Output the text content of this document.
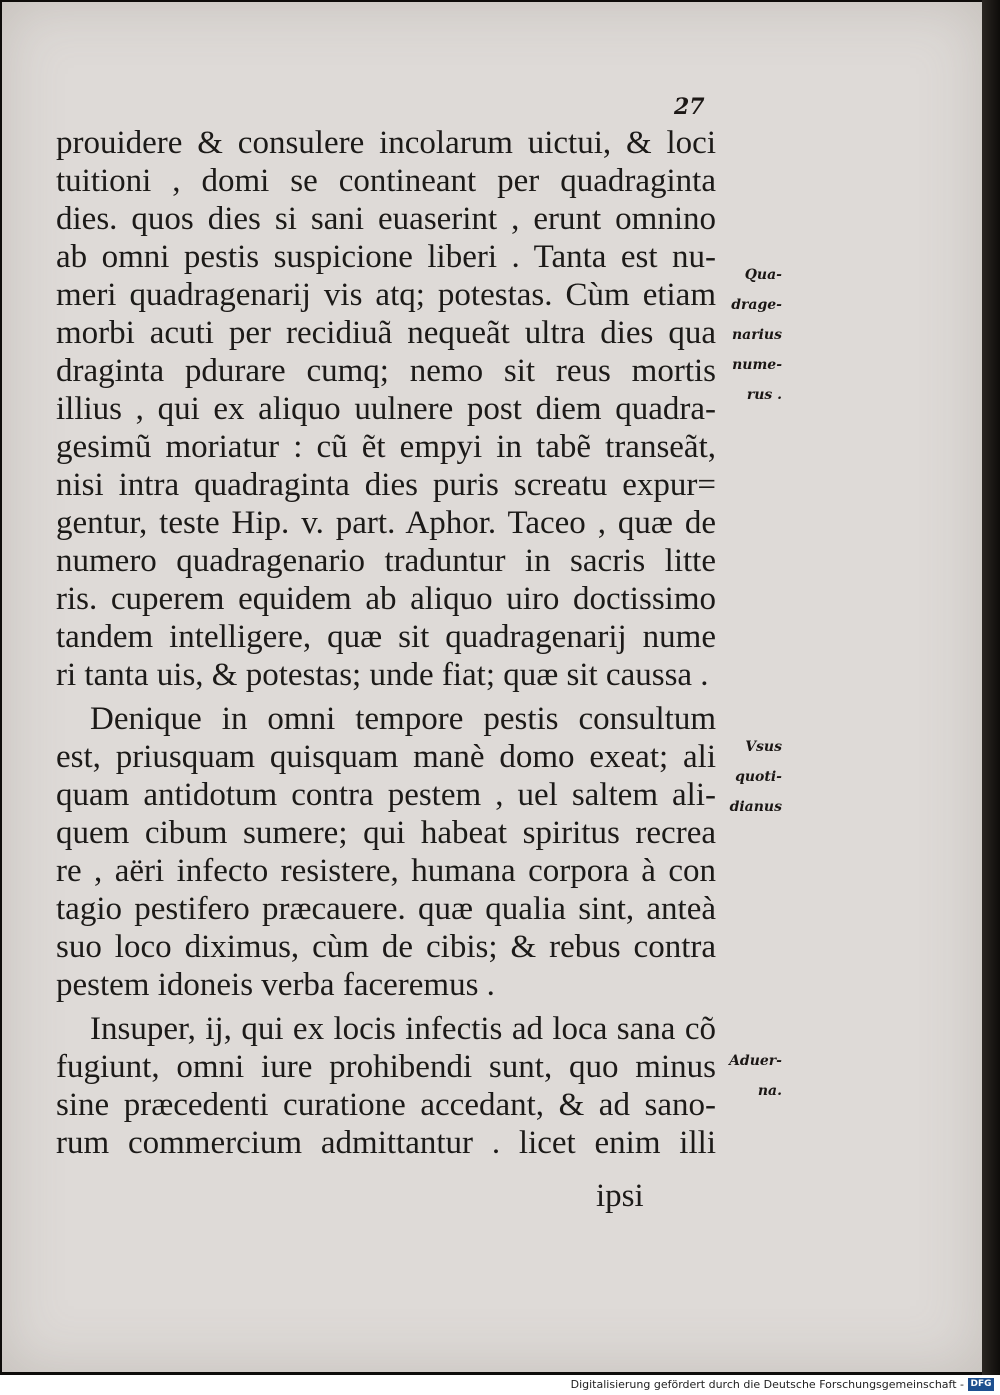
27
prouidere & consulere incolarum uictui, & loci
tuitioni , domi se contineant per quadraginta
dies. quos dies si sani euaserint , erunt omnino
ab omni pestis suspicione liberi . Tanta est nu-
meri quadragenarij vis atq; potestas. Cùm etiam
morbi acuti per recidiuã nequeãt ultra dies qua
draginta pdurare cumq; nemo sit reus mortis
illius , qui ex aliquo uulnere post diem quadra-
gesimũ moriatur : cũ ẽt empyi in tabẽ transeãt,
nisi intra quadraginta dies puris screatu expur=
gentur, teste Hip. v. part. Aphor. Taceo , quæ de
numero quadragenario traduntur in sacris litte
ris. cuperem equidem ab aliquo uiro doctissimo
tandem intelligere, quæ sit quadragenarij nume
ri tanta uis, & potestas; unde fiat; quæ sit caussa .
Denique in omni tempore pestis consultum
est, priusquam quisquam manè domo exeat; ali
quam antidotum contra pestem , uel saltem ali-
quem cibum sumere; qui habeat spiritus recrea
re , aëri infecto resistere, humana corpora à con
tagio pestifero præcauere. quæ qualia sint, anteà
suo loco diximus, cùm de cibis; & rebus contra
pestem idoneis verba faceremus .
Insuper, ij, qui ex locis infectis ad loca sana cõ
fugiunt, omni iure prohibendi sunt, quo minus
sine præcedenti curatione accedant, & ad sano-
rum commercium admittantur . licet enim illi
ipsi
Qua-
drage-
narius
nume-
rus .
Vsus
quoti-
dianus
Aduer-
na.
Digitalisierung gefördert durch die Deutsche Forschungsgemeinschaft - DFG
